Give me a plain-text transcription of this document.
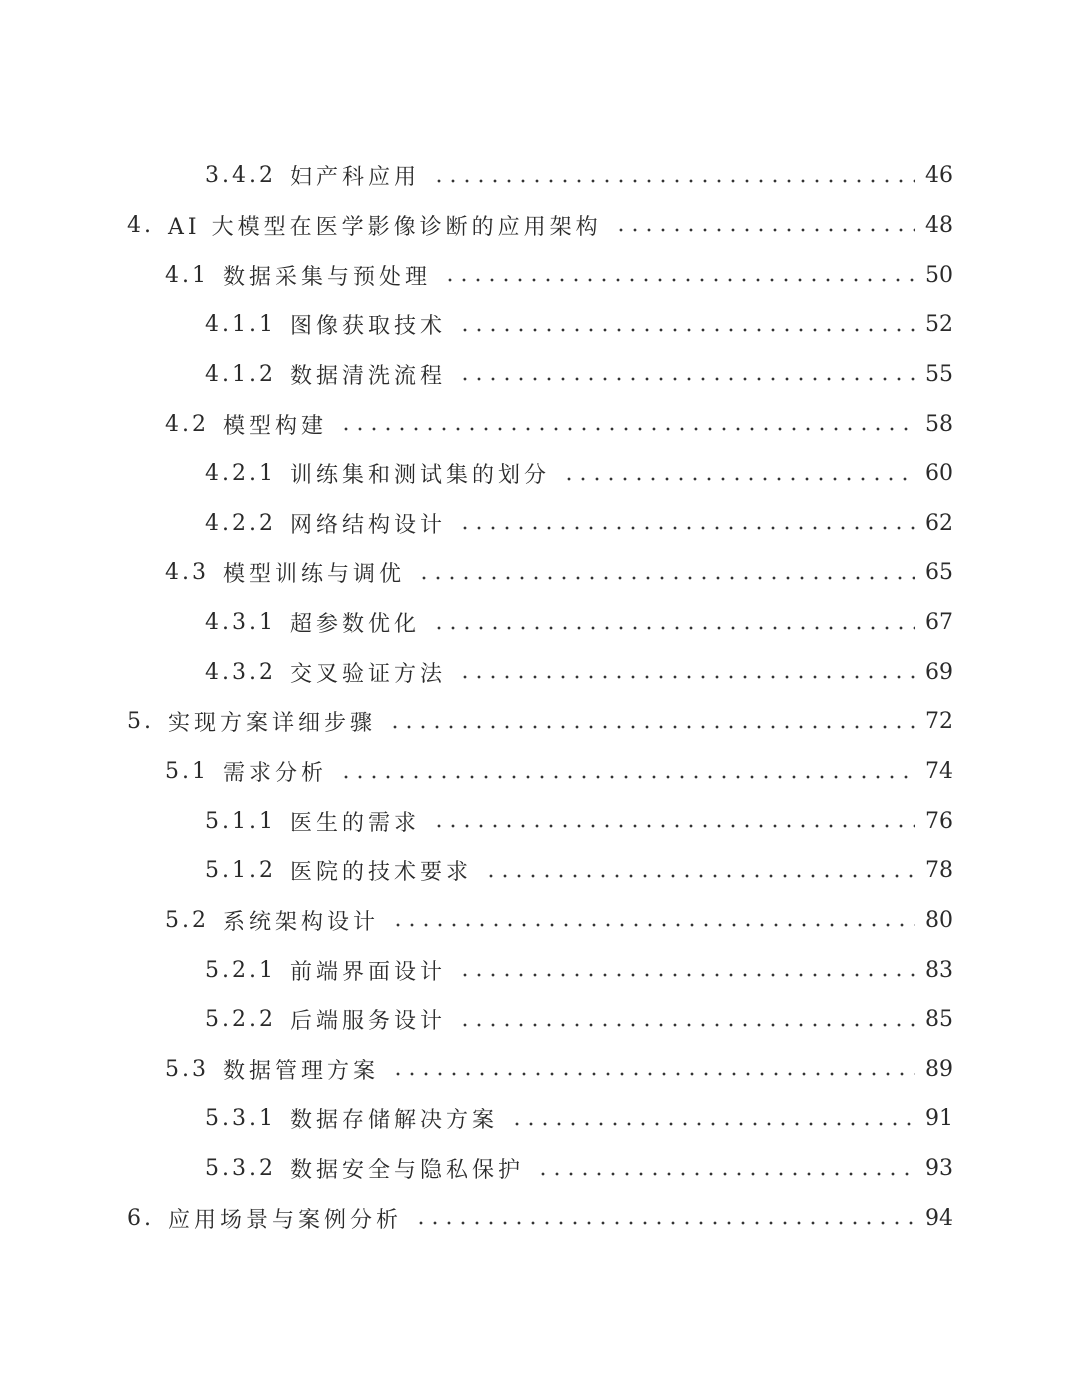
3.4.2 妇产科应用	46
4. AI 大模型在医学影像诊断的应用架构	48
4.1 数据采集与预处理	50
4.1.1 图像获取技术	52
4.1.2 数据清洗流程	55
4.2 模型构建	58
4.2.1 训练集和测试集的划分	60
4.2.2 网络结构设计	62
4.3 模型训练与调优	65
4.3.1 超参数优化	67
4.3.2 交叉验证方法	69
5. 实现方案详细步骤	72
5.1 需求分析	74
5.1.1 医生的需求	76
5.1.2 医院的技术要求	78
5.2 系统架构设计	80
5.2.1 前端界面设计	83
5.2.2 后端服务设计	85
5.3 数据管理方案	89
5.3.1 数据存储解决方案	91
5.3.2 数据安全与隐私保护	93
6. 应用场景与案例分析	94
